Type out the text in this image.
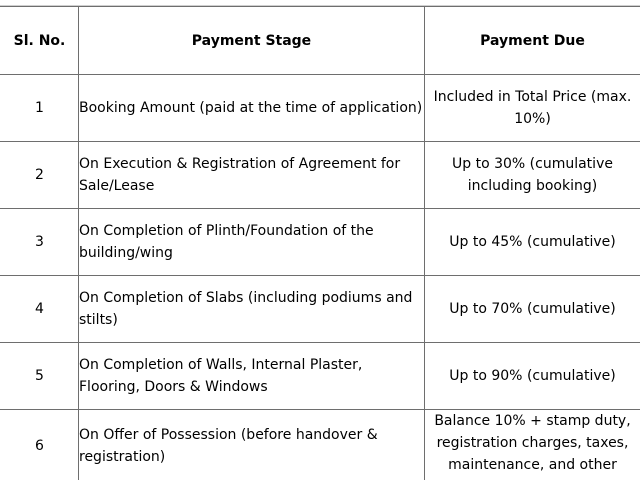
Sl. No.	Payment Stage	Payment Due
1	Booking Amount (paid at the time of application)	Included in Total Price (max. 10%)
2	On Execution & Registration of Agreement for Sale/Lease	Up to 30% (cumulative including booking)
3	On Completion of Plinth/Foundation of the building/wing	Up to 45% (cumulative)
4	On Completion of Slabs (including podiums and stilts)	Up to 70% (cumulative)
5	On Completion of Walls, Internal Plaster, Flooring, Doors & Windows	Up to 90% (cumulative)
6	On Offer of Possession (before handover & registration)	Balance 10% + stamp duty, registration charges, taxes, maintenance, and other
